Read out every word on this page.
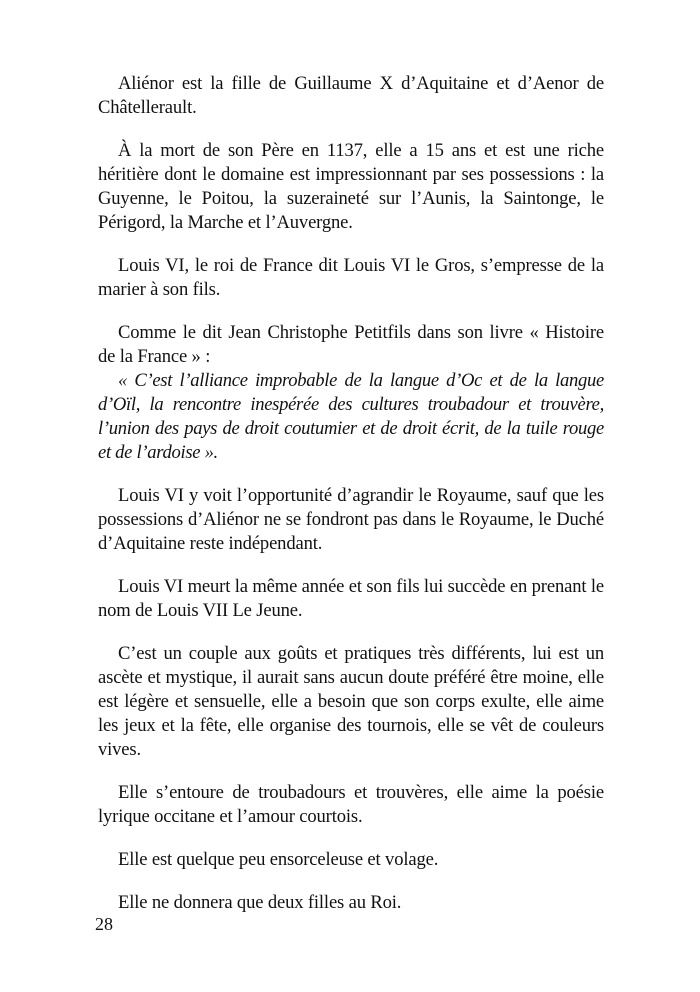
Aliénor est la fille de Guillaume X d’Aquitaine et d’Aenor de Châtellerault.

À la mort de son Père en 1137, elle a 15 ans et est une riche héritière dont le domaine est impressionnant par ses possessions : la Guyenne, le Poitou, la suzeraineté sur l’Aunis, la Saintonge, le Périgord, la Marche et l’Auvergne.

Louis VI, le roi de France dit Louis VI le Gros, s’empresse de la marier à son fils.

Comme le dit Jean Christophe Petitfils dans son livre « Histoire de la France » :

« C’est l’alliance improbable de la langue d’Oc et de la langue d’Oïl, la rencontre inespérée des cultures troubadour et trouvère, l’union des pays de droit coutumier et de droit écrit, de la tuile rouge et de l’ardoise ».

Louis VI y voit l’opportunité d’agrandir le Royaume, sauf que les possessions d’Aliénor ne se fondront pas dans le Royaume, le Duché d’Aquitaine reste indépendant.

Louis VI meurt la même année et son fils lui succède en prenant le nom de Louis VII Le Jeune.

C’est un couple aux goûts et pratiques très différents, lui est un ascète et mystique, il aurait sans aucun doute préféré être moine, elle est légère et sensuelle, elle a besoin que son corps exulte, elle aime les jeux et la fête, elle organise des tournois, elle se vêt de couleurs vives.

Elle s’entoure de troubadours et trouvères, elle aime la poésie lyrique occitane et l’amour courtois.

Elle est quelque peu ensorceleuse et volage.

Elle ne donnera que deux filles au Roi.

28
